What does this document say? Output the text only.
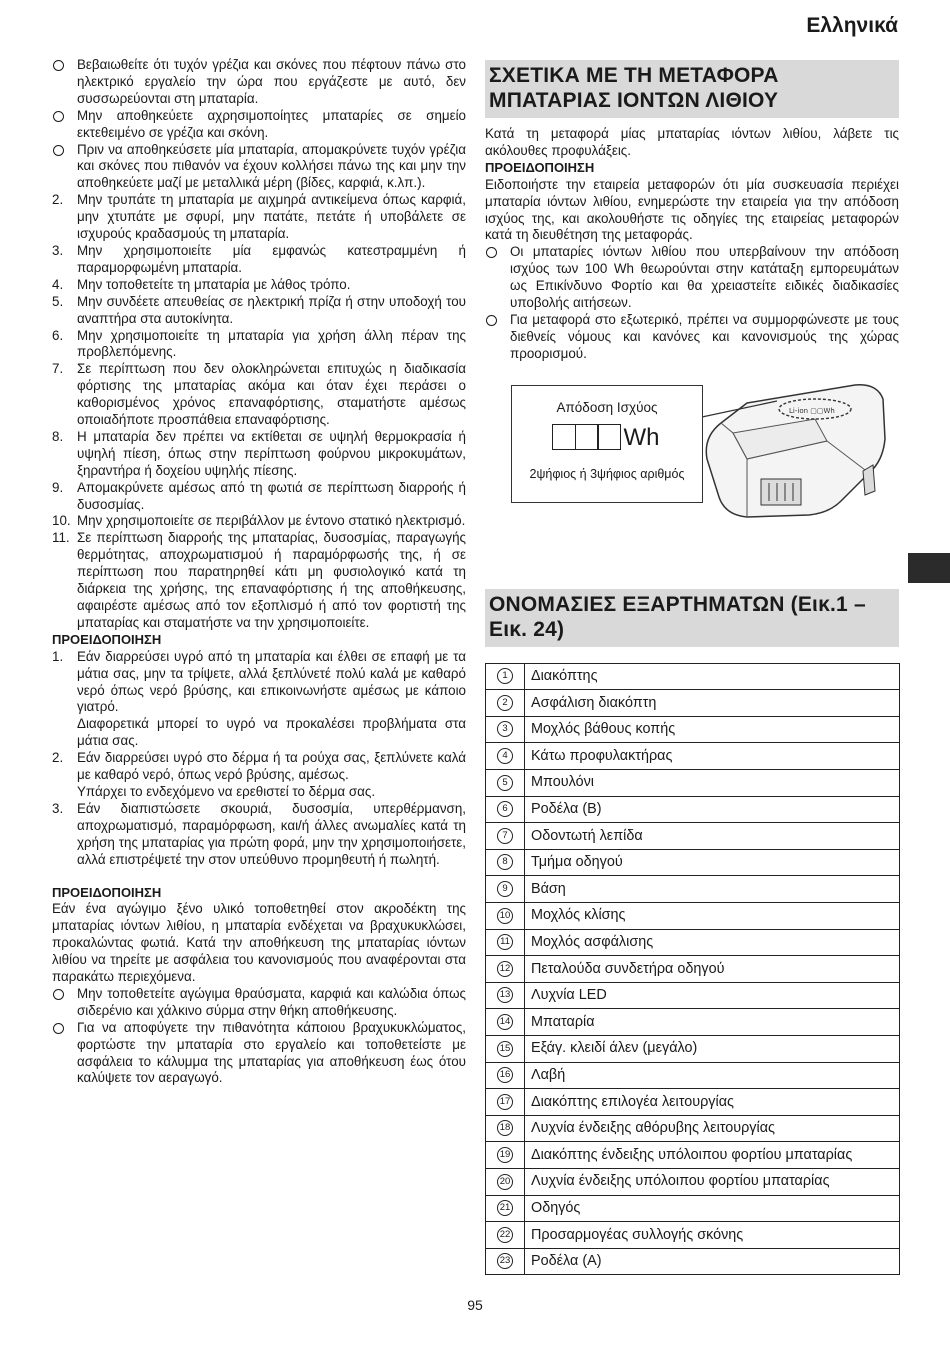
Ελληνικά
Βεβαιωθείτε ότι τυχόν γρέζια και σκόνες που πέφτουν πάνω στο ηλεκτρικό εργαλείο την ώρα που εργάζεστε με αυτό, δεν συσσωρεύονται στη μπαταρία.
Μην αποθηκεύετε αχρησιμοποίητες μπαταρίες σε σημείο εκτεθειμένο σε γρέζια και σκόνη.
Πριν να αποθηκεύσετε μία μπαταρία, απομακρύνετε τυχόν γρέζια και σκόνες που πιθανόν να έχουν κολλήσει πάνω της και μην την αποθηκεύετε μαζί με μεταλλικά μέρη (βίδες, καρφιά, κ.λπ.).
2. Μην τρυπάτε τη μπαταρία με αιχμηρά αντικείμενα όπως καρφιά, μην χτυπάτε με σφυρί, μην πατάτε, πετάτε ή υποβάλετε σε ισχυρούς κραδασμούς τη μπαταρία.
3. Μην χρησιμοποιείτε μία εμφανώς κατεστραμμένη ή παραμορφωμένη μπαταρία.
4. Μην τοποθετείτε τη μπαταρία με λάθος τρόπο.
5. Μην συνδέετε απευθείας σε ηλεκτρική πρίζα ή στην υποδοχή του αναπτήρα στα αυτοκίνητα.
6. Μην χρησιμοποιείτε τη μπαταρία για χρήση άλλη πέραν της προβλεπόμενης.
7. Σε περίπτωση που δεν ολοκληρώνεται επιτυχώς η διαδικασία φόρτισης της μπαταρίας ακόμα και όταν έχει περάσει ο καθορισμένος χρόνος επαναφόρτισης, σταματήστε αμέσως οποιαδήποτε προσπάθεια επαναφόρτισης.
8. Η μπαταρία δεν πρέπει να εκτίθεται σε υψηλή θερμοκρασία ή υψηλή πίεση, όπως στην περίπτωση φούρνου μικροκυμάτων, ξηραντήρα ή δοχείου υψηλής πίεσης.
9. Απομακρύνετε αμέσως από τη φωτιά σε περίπτωση διαρροής ή δυσοσμίας.
10. Μην χρησιμοποιείτε σε περιβάλλον με έντονο στατικό ηλεκτρισμό.
11. Σε περίπτωση διαρροής της μπαταρίας, δυσοσμίας, παραγωγής θερμότητας, αποχρωματισμού ή παραμόρφωσής της, ή σε περίπτωση που παρατηρηθεί κάτι μη φυσιολογικό κατά τη διάρκεια της χρήσης, της επαναφόρτισης ή της αποθήκευσης, αφαιρέστε αμέσως από τον εξοπλισμό ή από τον φορτιστή της μπαταρίας και σταματήστε να την χρησιμοποιείτε.
ΠΡΟΕΙΔΟΠΟΙΗΣΗ
1. Εάν διαρρεύσει υγρό από τη μπαταρία και έλθει σε επαφή με τα μάτια σας, μην τα τρίψετε, αλλά ξεπλύνετέ πολύ καλά με καθαρό νερό όπως νερό βρύσης, και επικοινωνήστε αμέσως με κάποιο γιατρό.
Διαφορετικά μπορεί το υγρό να προκαλέσει προβλήματα στα μάτια σας.
2. Εάν διαρρεύσει υγρό στο δέρμα ή τα ρούχα σας, ξεπλύνετε καλά με καθαρό νερό, όπως νερό βρύσης, αμέσως.
Υπάρχει το ενδεχόμενο να ερεθιστεί το δέρμα σας.
3. Εάν διαπιστώσετε σκουριά, δυσοσμία, υπερθέρμανση, αποχρωματισμό, παραμόρφωση, και/ή άλλες ανωμαλίες κατά τη χρήση της μπαταρίας για πρώτη φορά, μην την χρησιμοποιήσετε, αλλά επιστρέψετέ την στον υπεύθυνο προμηθευτή ή πωλητή.
ΠΡΟΕΙΔΟΠΟΙΗΣΗ
Εάν ένα αγώγιμο ξένο υλικό τοποθετηθεί στον ακροδέκτη της μπαταρίας ιόντων λιθίου, η μπαταρία ενδέχεται να βραχυκυκλώσει, προκαλώντας φωτιά. Κατά την αποθήκευση της μπαταρίας ιόντων λιθίου να τηρείτε με ασφάλεια του κανονισμούς που αναφέρονται στα παρακάτω περιεχόμενα.
Μην τοποθετείτε αγώγιμα θραύσματα, καρφιά και καλώδια όπως σιδερένιο και χάλκινο σύρμα στην θήκη αποθήκευσης.
Για να αποφύγετε την πιθανότητα κάποιου βραχυκυκλώματος, φορτώστε την μπαταρία στο εργαλείο και τοποθετείστε με ασφάλεια το κάλυμμα της μπαταρίας για αποθήκευση έως ότου καλύψετε τον αεραγωγό.
ΣΧΕΤΙΚΑ ΜΕ ΤΗ ΜΕΤΑΦΟΡΑ ΜΠΑΤΑΡΙΑΣ ΙΟΝΤΩΝ ΛΙΘΙΟΥ
Κατά τη μεταφορά μίας μπαταρίας ιόντων λιθίου, λάβετε τις ακόλουθες προφυλάξεις.
ΠΡΟΕΙΔΟΠΟΙΗΣΗ
Ειδοποιήστε την εταιρεία μεταφορών ότι μία συσκευασία περιέχει μπαταρία ιόντων λιθίου, ενημερώστε την εταιρεία για την απόδοση ισχύος της, και ακολουθήστε τις οδηγίες της εταιρείας μεταφορών κατά τη διευθέτηση της μεταφοράς.
Οι μπαταρίες ιόντων λιθίου που υπερβαίνουν την απόδοση ισχύος των 100 Wh θεωρούνται στην κατάταξη εμπορευμάτων ως Επικίνδυνο Φορτίο και θα χρειαστείτε ειδικές διαδικασίες υποβολής αιτήσεων.
Για μεταφορά στο εξωτερικό, πρέπει να συμμορφώνεστε με τους διεθνείς νόμους και κανόνες και κανονισμούς της χώρας προορισμού.
Li-ion ▢▢Wh
Απόδοση Ισχύος
Wh
2ψήφιος ή 3ψήφιος αριθμός
ΟΝΟΜΑΣΙΕΣ ΕΞΑΡΤΗΜΑΤΩΝ (Εικ.1 – Εικ. 24)
1	Διακόπτης
2	Ασφάλιση διακόπτη
3	Μοχλός βάθους κοπής
4	Κάτω προφυλακτήρας
5	Μπουλόνι
6	Ροδέλα (Β)
7	Οδοντωτή λεπίδα
8	Τμήμα οδηγού
9	Βάση
10	Μοχλός κλίσης
11	Μοχλός ασφάλισης
12	Πεταλούδα συνδετήρα οδηγού
13	Λυχνία LED
14	Μπαταρία
15	Εξάγ. κλειδί άλεν (μεγάλο)
16	Λαβή
17	Διακόπτης επιλογέα λειτουργίας
18	Λυχνία ένδειξης αθόρυβης λειτουργίας
19	Διακόπτης ένδειξης υπόλοιπου φορτίου μπαταρίας
20	Λυχνία ένδειξης υπόλοιπου φορτίου μπαταρίας
21	Οδηγός
22	Προσαρμογέας συλλογής σκόνης
23	Ροδέλα (Α)
95
